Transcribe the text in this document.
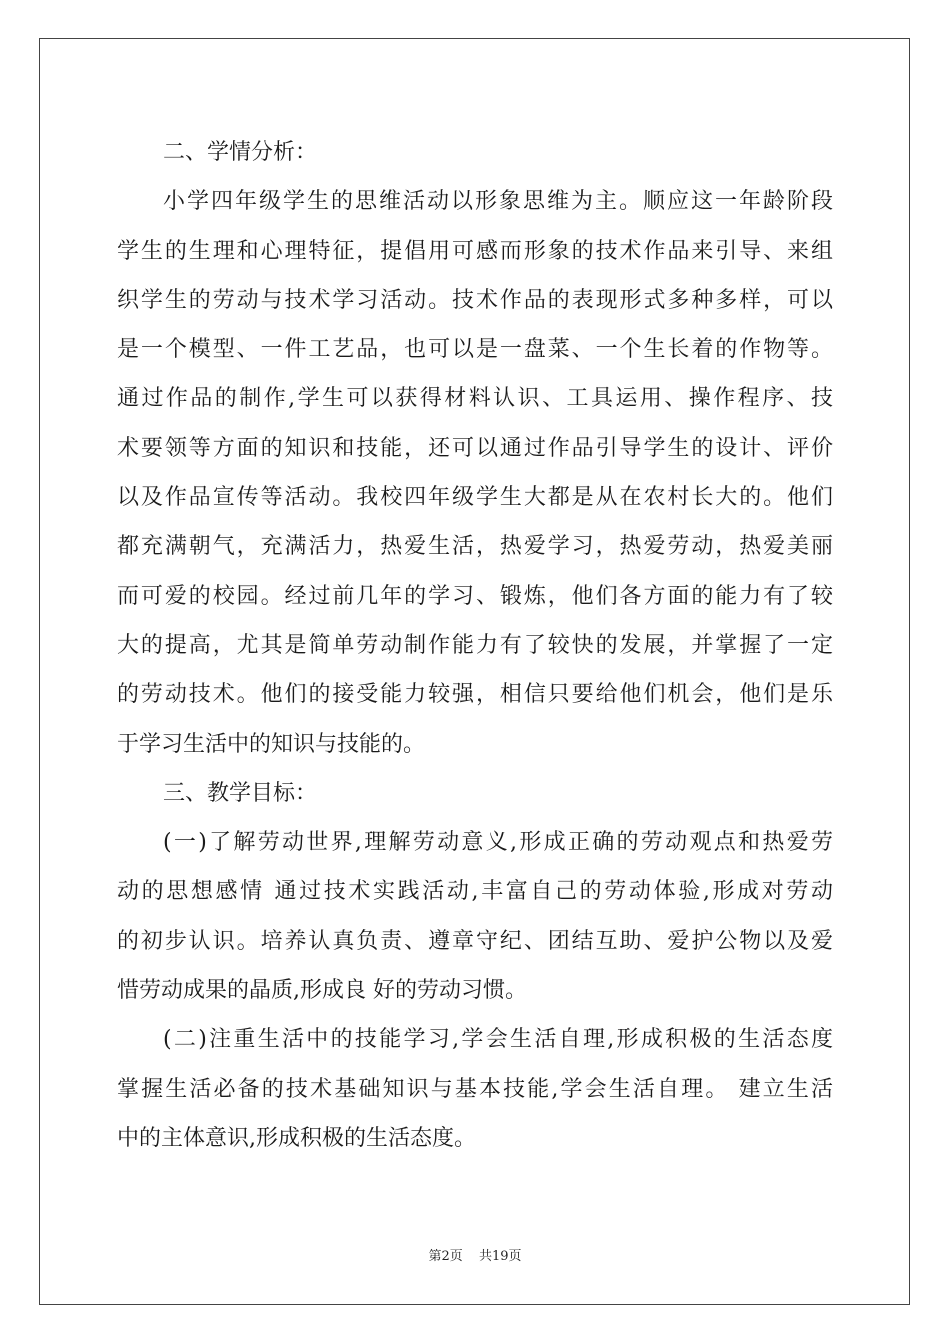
二、学情分析：
小学四年级学生的思维活动以形象思维为主。顺应这一年龄阶段
学生的生理和心理特征，提倡用可感而形象的技术作品来引导、来组
织学生的劳动与技术学习活动。技术作品的表现形式多种多样，可以
是一个模型、一件工艺品，也可以是一盘菜、一个生长着的作物等。
通过作品的制作,学生可以获得材料认识、工具运用、操作程序、技
术要领等方面的知识和技能，还可以通过作品引导学生的设计、评价
以及作品宣传等活动。我校四年级学生大都是从在农村长大的。他们
都充满朝气，充满活力，热爱生活，热爱学习，热爱劳动，热爱美丽
而可爱的校园。经过前几年的学习、锻炼，他们各方面的能力有了较
大的提高，尤其是简单劳动制作能力有了较快的发展，并掌握了一定
的劳动技术。他们的接受能力较强，相信只要给他们机会，他们是乐
于学习生活中的知识与技能的。
三、教学目标：
(一)了解劳动世界,理解劳动意义,形成正确的劳动观点和热爱劳
动的思想感情 通过技术实践活动,丰富自己的劳动体验,形成对劳动
的初步认识。培养认真负责、遵章守纪、团结互助、爱护公物以及爱
惜劳动成果的晶质,形成良 好的劳动习惯。
(二)注重生活中的技能学习,学会生活自理,形成积极的生活态度
掌握生活必备的技术基础知识与基本技能,学会生活自理。 建立生活
中的主体意识,形成积极的生活态度。
第2页 共19页
